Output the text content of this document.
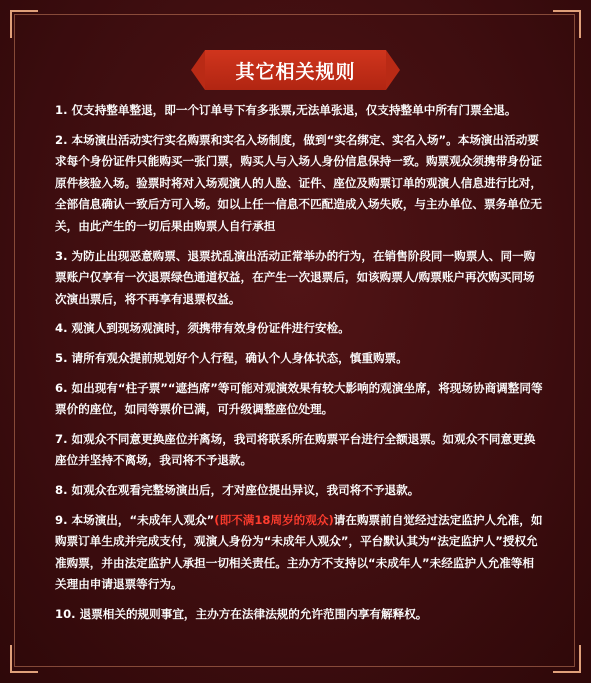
其它相关规则

1. 仅支持整单整退，即一个订单号下有多张票,无法单张退，仅支持整单中所有门票全退。

2. 本场演出活动实行实名购票和实名入场制度，做到“实名绑定、实名入场”。本场演出活动要求每个身份证件只能购买一张门票，购买人与入场人身份信息保持一致。购票观众须携带身份证原件核验入场。验票时将对入场观演人的人脸、证件、座位及购票订单的观演人信息进行比对，全部信息确认一致后方可入场。如以上任一信息不匹配造成入场失败，与主办单位、票务单位无关，由此产生的一切后果由购票人自行承担

3. 为防止出现恶意购票、退票扰乱演出活动正常举办的行为，在销售阶段同一购票人、同一购票账户仅享有一次退票绿色通道权益，在产生一次退票后，如该购票人/购票账户再次购买同场次演出票后，将不再享有退票权益。

4. 观演人到现场观演时，须携带有效身份证件进行安检。

5. 请所有观众提前规划好个人行程，确认个人身体状态，慎重购票。

6. 如出现有“柱子票”“遮挡席”等可能对观演效果有较大影响的观演坐席，将现场协商调整同等票价的座位，如同等票价已满，可升级调整座位处理。

7. 如观众不同意更换座位并离场，我司将联系所在购票平台进行全额退票。如观众不同意更换座位并坚持不离场，我司将不予退款。

8. 如观众在观看完整场演出后，才对座位提出异议，我司将不予退款。

9. 本场演出，“未成年人观众”(即不满18周岁的观众)请在购票前自觉经过法定监护人允准，如购票订单生成并完成支付，观演人身份为“未成年人观众”，平台默认其为“法定监护人”授权允准购票，并由法定监护人承担一切相关责任。主办方不支持以“未成年人”未经监护人允准等相关理由申请退票等行为。

10. 退票相关的规则事宜，主办方在法律法规的允许范围内享有解释权。
